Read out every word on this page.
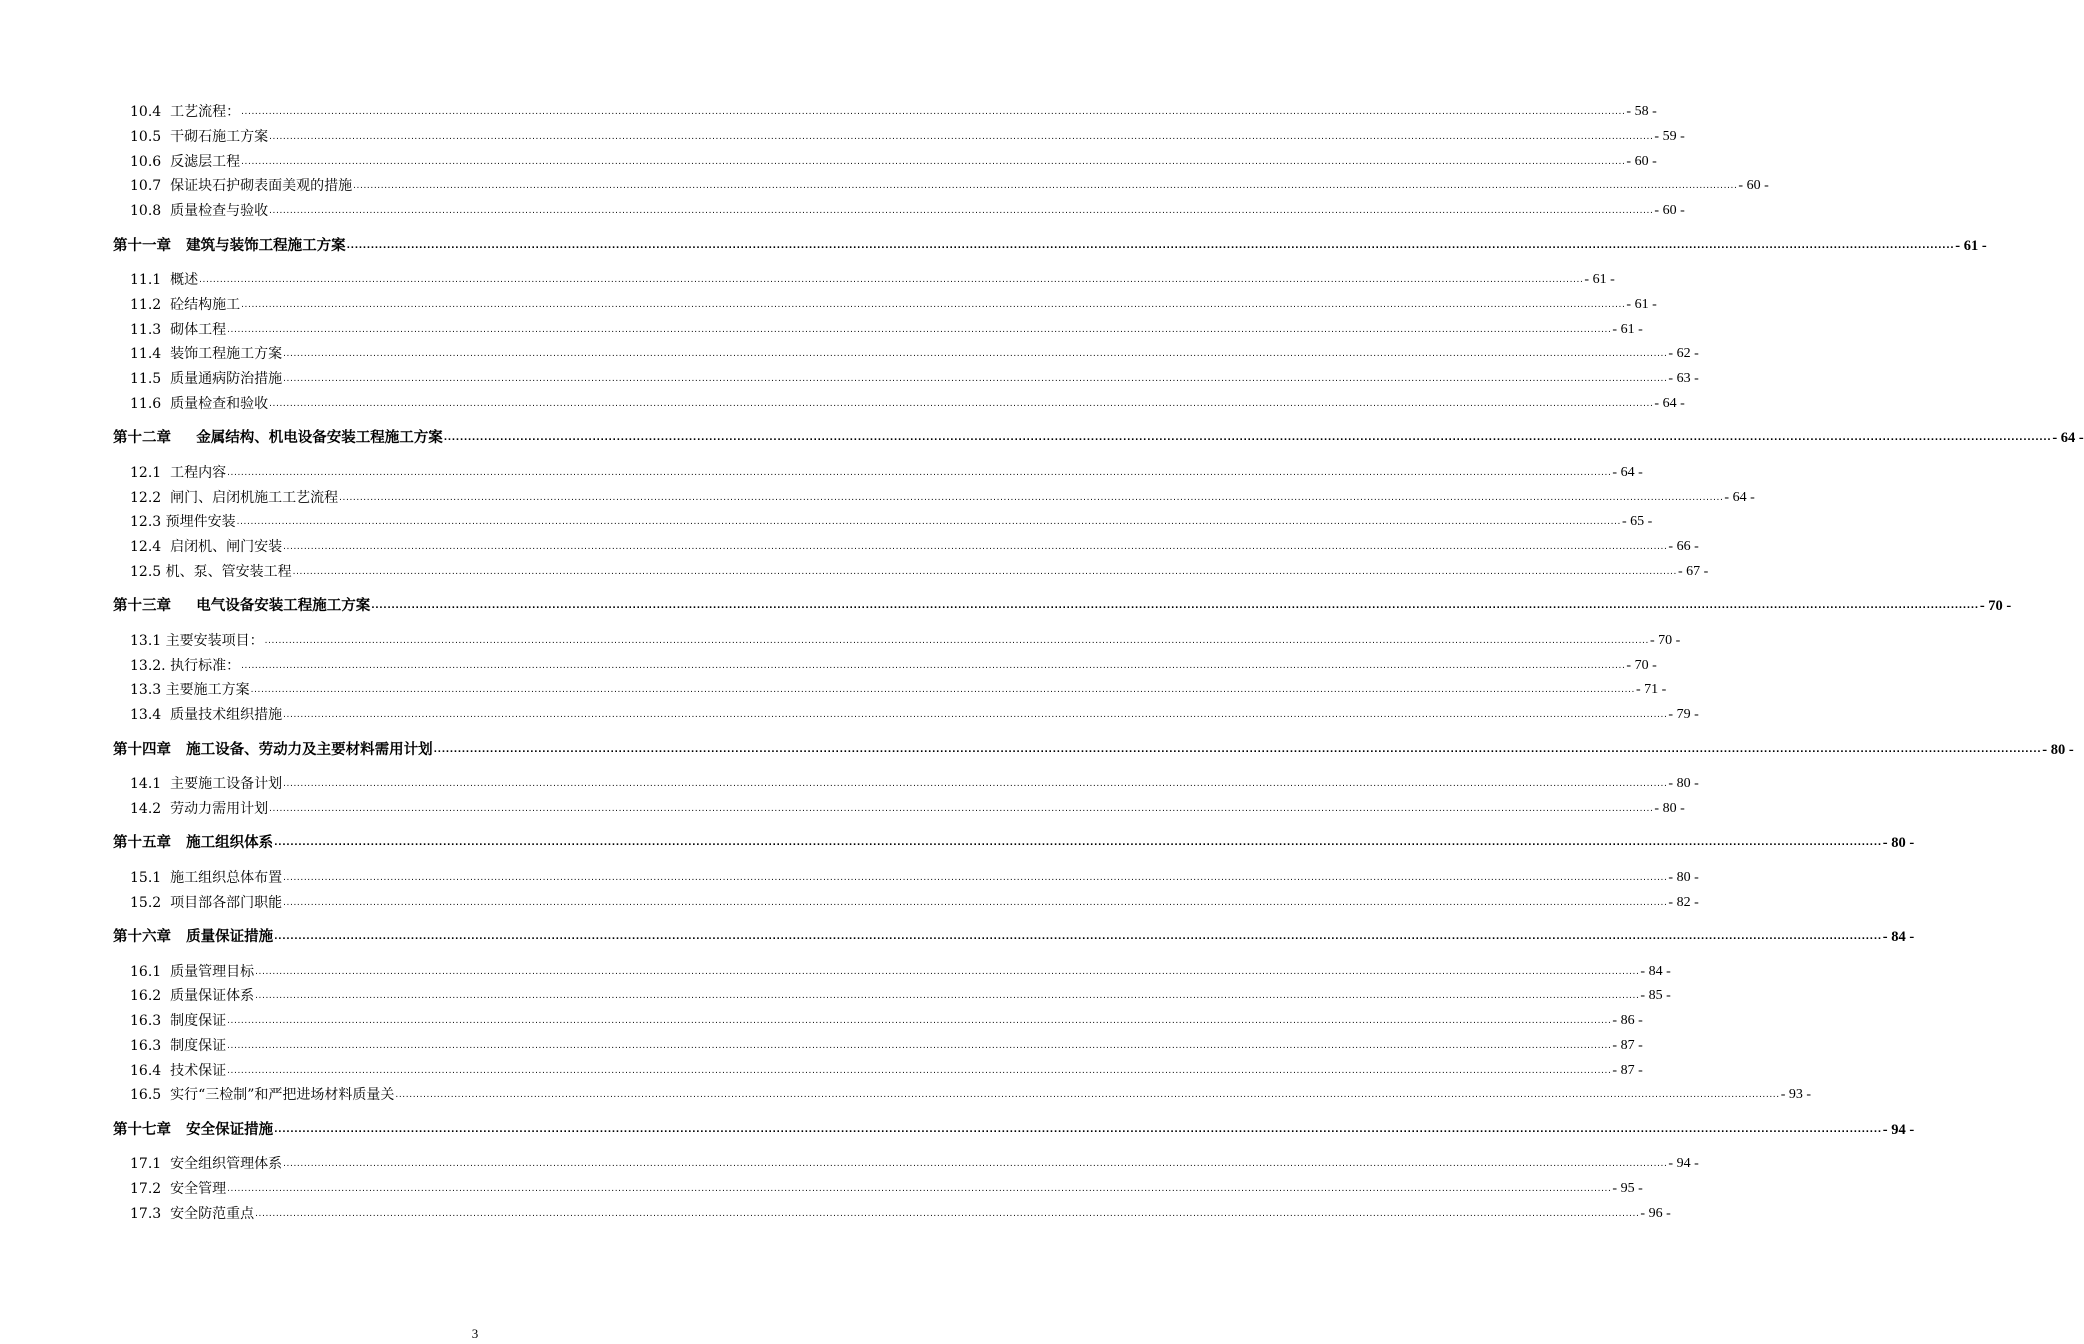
10.4  工艺流程： ................................................................................................................................................................................................................................................................................................................................................................................................................ - 58 -
10.5  干砌石施工方案 ................................................................................................................................................................................................................................................................................................................................................................................................................ - 59 -
10.6  反滤层工程 ................................................................................................................................................................................................................................................................................................................................................................................................................ - 60 -
10.7  保证块石护砌表面美观的措施 ................................................................................................................................................................................................................................................................................................................................................................................................................ - 60 -
10.8  质量检查与验收 ................................................................................................................................................................................................................................................................................................................................................................................................................ - 60 -
第十一章   建筑与装饰工程施工方案 ................................................................................................................................................................................................................................................................................................................................................................................................................ - 61 -
11.1  概述 ................................................................................................................................................................................................................................................................................................................................................................................................................ - 61 -
11.2  砼结构施工 ................................................................................................................................................................................................................................................................................................................................................................................................................ - 61 -
11.3  砌体工程 ................................................................................................................................................................................................................................................................................................................................................................................................................ - 61 -
11.4  装饰工程施工方案 ................................................................................................................................................................................................................................................................................................................................................................................................................ - 62 -
11.5  质量通病防治措施 ................................................................................................................................................................................................................................................................................................................................................................................................................ - 63 -
11.6  质量检查和验收 ................................................................................................................................................................................................................................................................................................................................................................................................................ - 64 -
第十二章     金属结构、机电设备安装工程施工方案 ................................................................................................................................................................................................................................................................................................................................................................................................................ - 64 -
12.1  工程内容 ................................................................................................................................................................................................................................................................................................................................................................................................................ - 64 -
12.2  闸门、启闭机施工工艺流程 ................................................................................................................................................................................................................................................................................................................................................................................................................ - 64 -
12.3 预埋件安装 ................................................................................................................................................................................................................................................................................................................................................................................................................ - 65 -
12.4  启闭机、闸门安装 ................................................................................................................................................................................................................................................................................................................................................................................................................ - 66 -
12.5 机、泵、管安装工程 ................................................................................................................................................................................................................................................................................................................................................................................................................ - 67 -
第十三章     电气设备安装工程施工方案 ................................................................................................................................................................................................................................................................................................................................................................................................................ - 70 -
13.1 主要安装项目： ................................................................................................................................................................................................................................................................................................................................................................................................................ - 70 -
13.2. 执行标准： ................................................................................................................................................................................................................................................................................................................................................................................................................ - 70 -
13.3 主要施工方案 ................................................................................................................................................................................................................................................................................................................................................................................................................ - 71 -
13.4  质量技术组织措施 ................................................................................................................................................................................................................................................................................................................................................................................................................ - 79 -
第十四章   施工设备、劳动力及主要材料需用计划 ................................................................................................................................................................................................................................................................................................................................................................................................................ - 80 -
14.1  主要施工设备计划 ................................................................................................................................................................................................................................................................................................................................................................................................................ - 80 -
14.2  劳动力需用计划 ................................................................................................................................................................................................................................................................................................................................................................................................................ - 80 -
第十五章   施工组织体系 ................................................................................................................................................................................................................................................................................................................................................................................................................ - 80 -
15.1  施工组织总体布置 ................................................................................................................................................................................................................................................................................................................................................................................................................ - 80 -
15.2  项目部各部门职能 ................................................................................................................................................................................................................................................................................................................................................................................................................ - 82 -
第十六章   质量保证措施 ................................................................................................................................................................................................................................................................................................................................................................................................................ - 84 -
16.1  质量管理目标 ................................................................................................................................................................................................................................................................................................................................................................................................................ - 84 -
16.2  质量保证体系 ................................................................................................................................................................................................................................................................................................................................................................................................................ - 85 -
16.3  制度保证 ................................................................................................................................................................................................................................................................................................................................................................................................................ - 86 -
16.3  制度保证 ................................................................................................................................................................................................................................................................................................................................................................................................................ - 87 -
16.4  技术保证 ................................................................................................................................................................................................................................................................................................................................................................................................................ - 87 -
16.5  实行“三检制”和严把进场材料质量关 ................................................................................................................................................................................................................................................................................................................................................................................................................ - 93 -
第十七章   安全保证措施 ................................................................................................................................................................................................................................................................................................................................................................................................................ - 94 -
17.1  安全组织管理体系 ................................................................................................................................................................................................................................................................................................................................................................................................................ - 94 -
17.2  安全管理 ................................................................................................................................................................................................................................................................................................................................................................................................................ - 95 -
17.3  安全防范重点 ................................................................................................................................................................................................................................................................................................................................................................................................................ - 96 -
3
